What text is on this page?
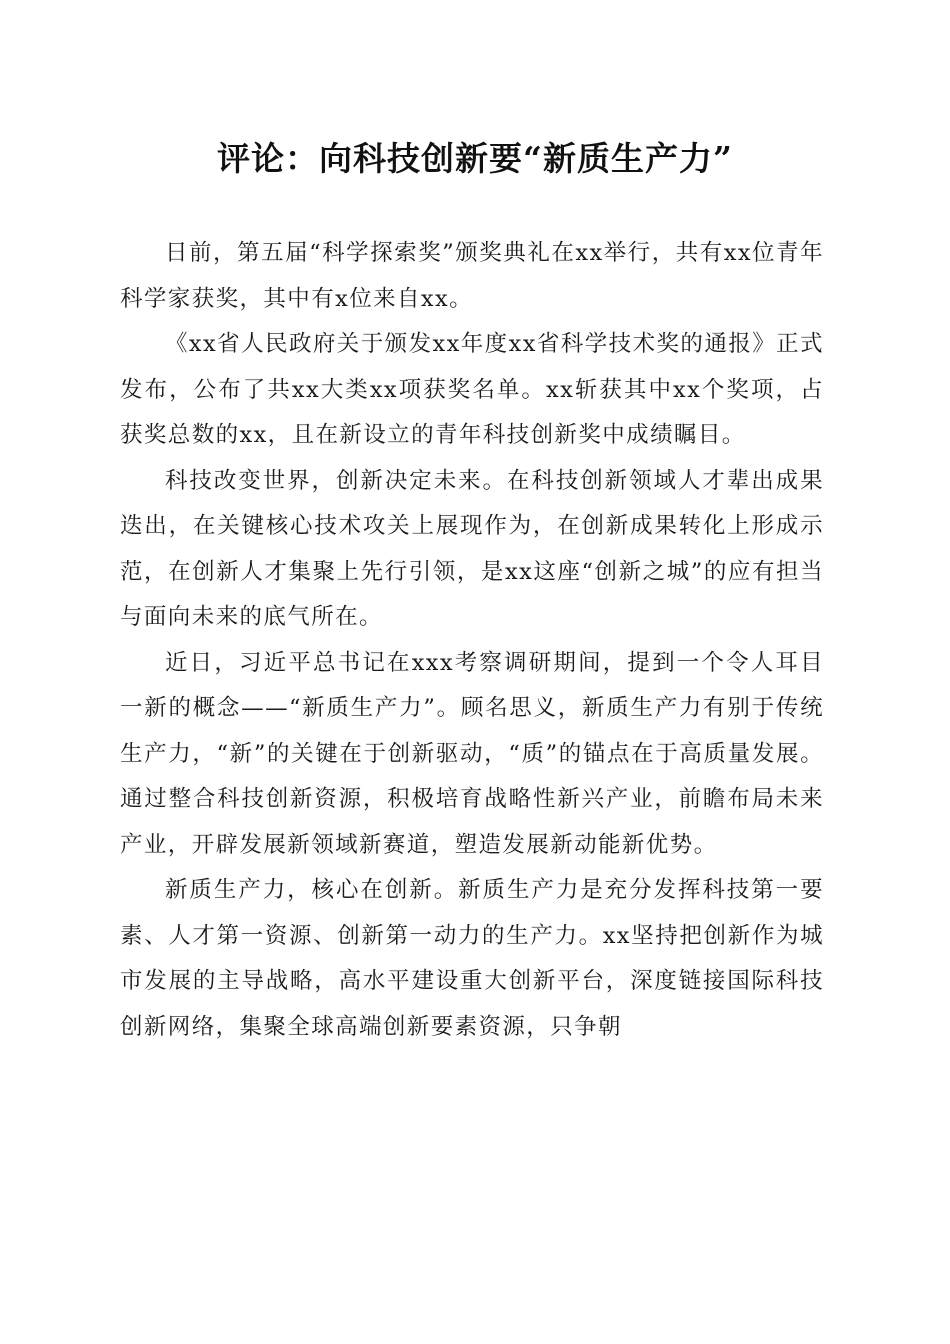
评论：向科技创新要“新质生产力”

日前，第五届“科学探索奖”颁奖典礼在xx举行，共有xx位青年科学家获奖，其中有x位来自xx。

《xx省人民政府关于颁发xx年度xx省科学技术奖的通报》正式发布，公布了共xx大类xx项获奖名单。xx斩获其中xx个奖项，占获奖总数的xx，且在新设立的青年科技创新奖中成绩瞩目。

科技改变世界，创新决定未来。在科技创新领域人才辈出成果迭出，在关键核心技术攻关上展现作为，在创新成果转化上形成示范，在创新人才集聚上先行引领，是xx这座“创新之城”的应有担当与面向未来的底气所在。

近日，习近平总书记在xxx考察调研期间，提到一个令人耳目一新的概念——“新质生产力”。顾名思义，新质生产力有别于传统生产力，“新”的关键在于创新驱动，“质”的锚点在于高质量发展。通过整合科技创新资源，积极培育战略性新兴产业，前瞻布局未来产业，开辟发展新领域新赛道，塑造发展新动能新优势。

新质生产力，核心在创新。新质生产力是充分发挥科技第一要素、人才第一资源、创新第一动力的生产力。xx坚持把创新作为城市发展的主导战略，高水平建设重大创新平台，深度链接国际科技创新网络，集聚全球高端创新要素资源，只争朝
